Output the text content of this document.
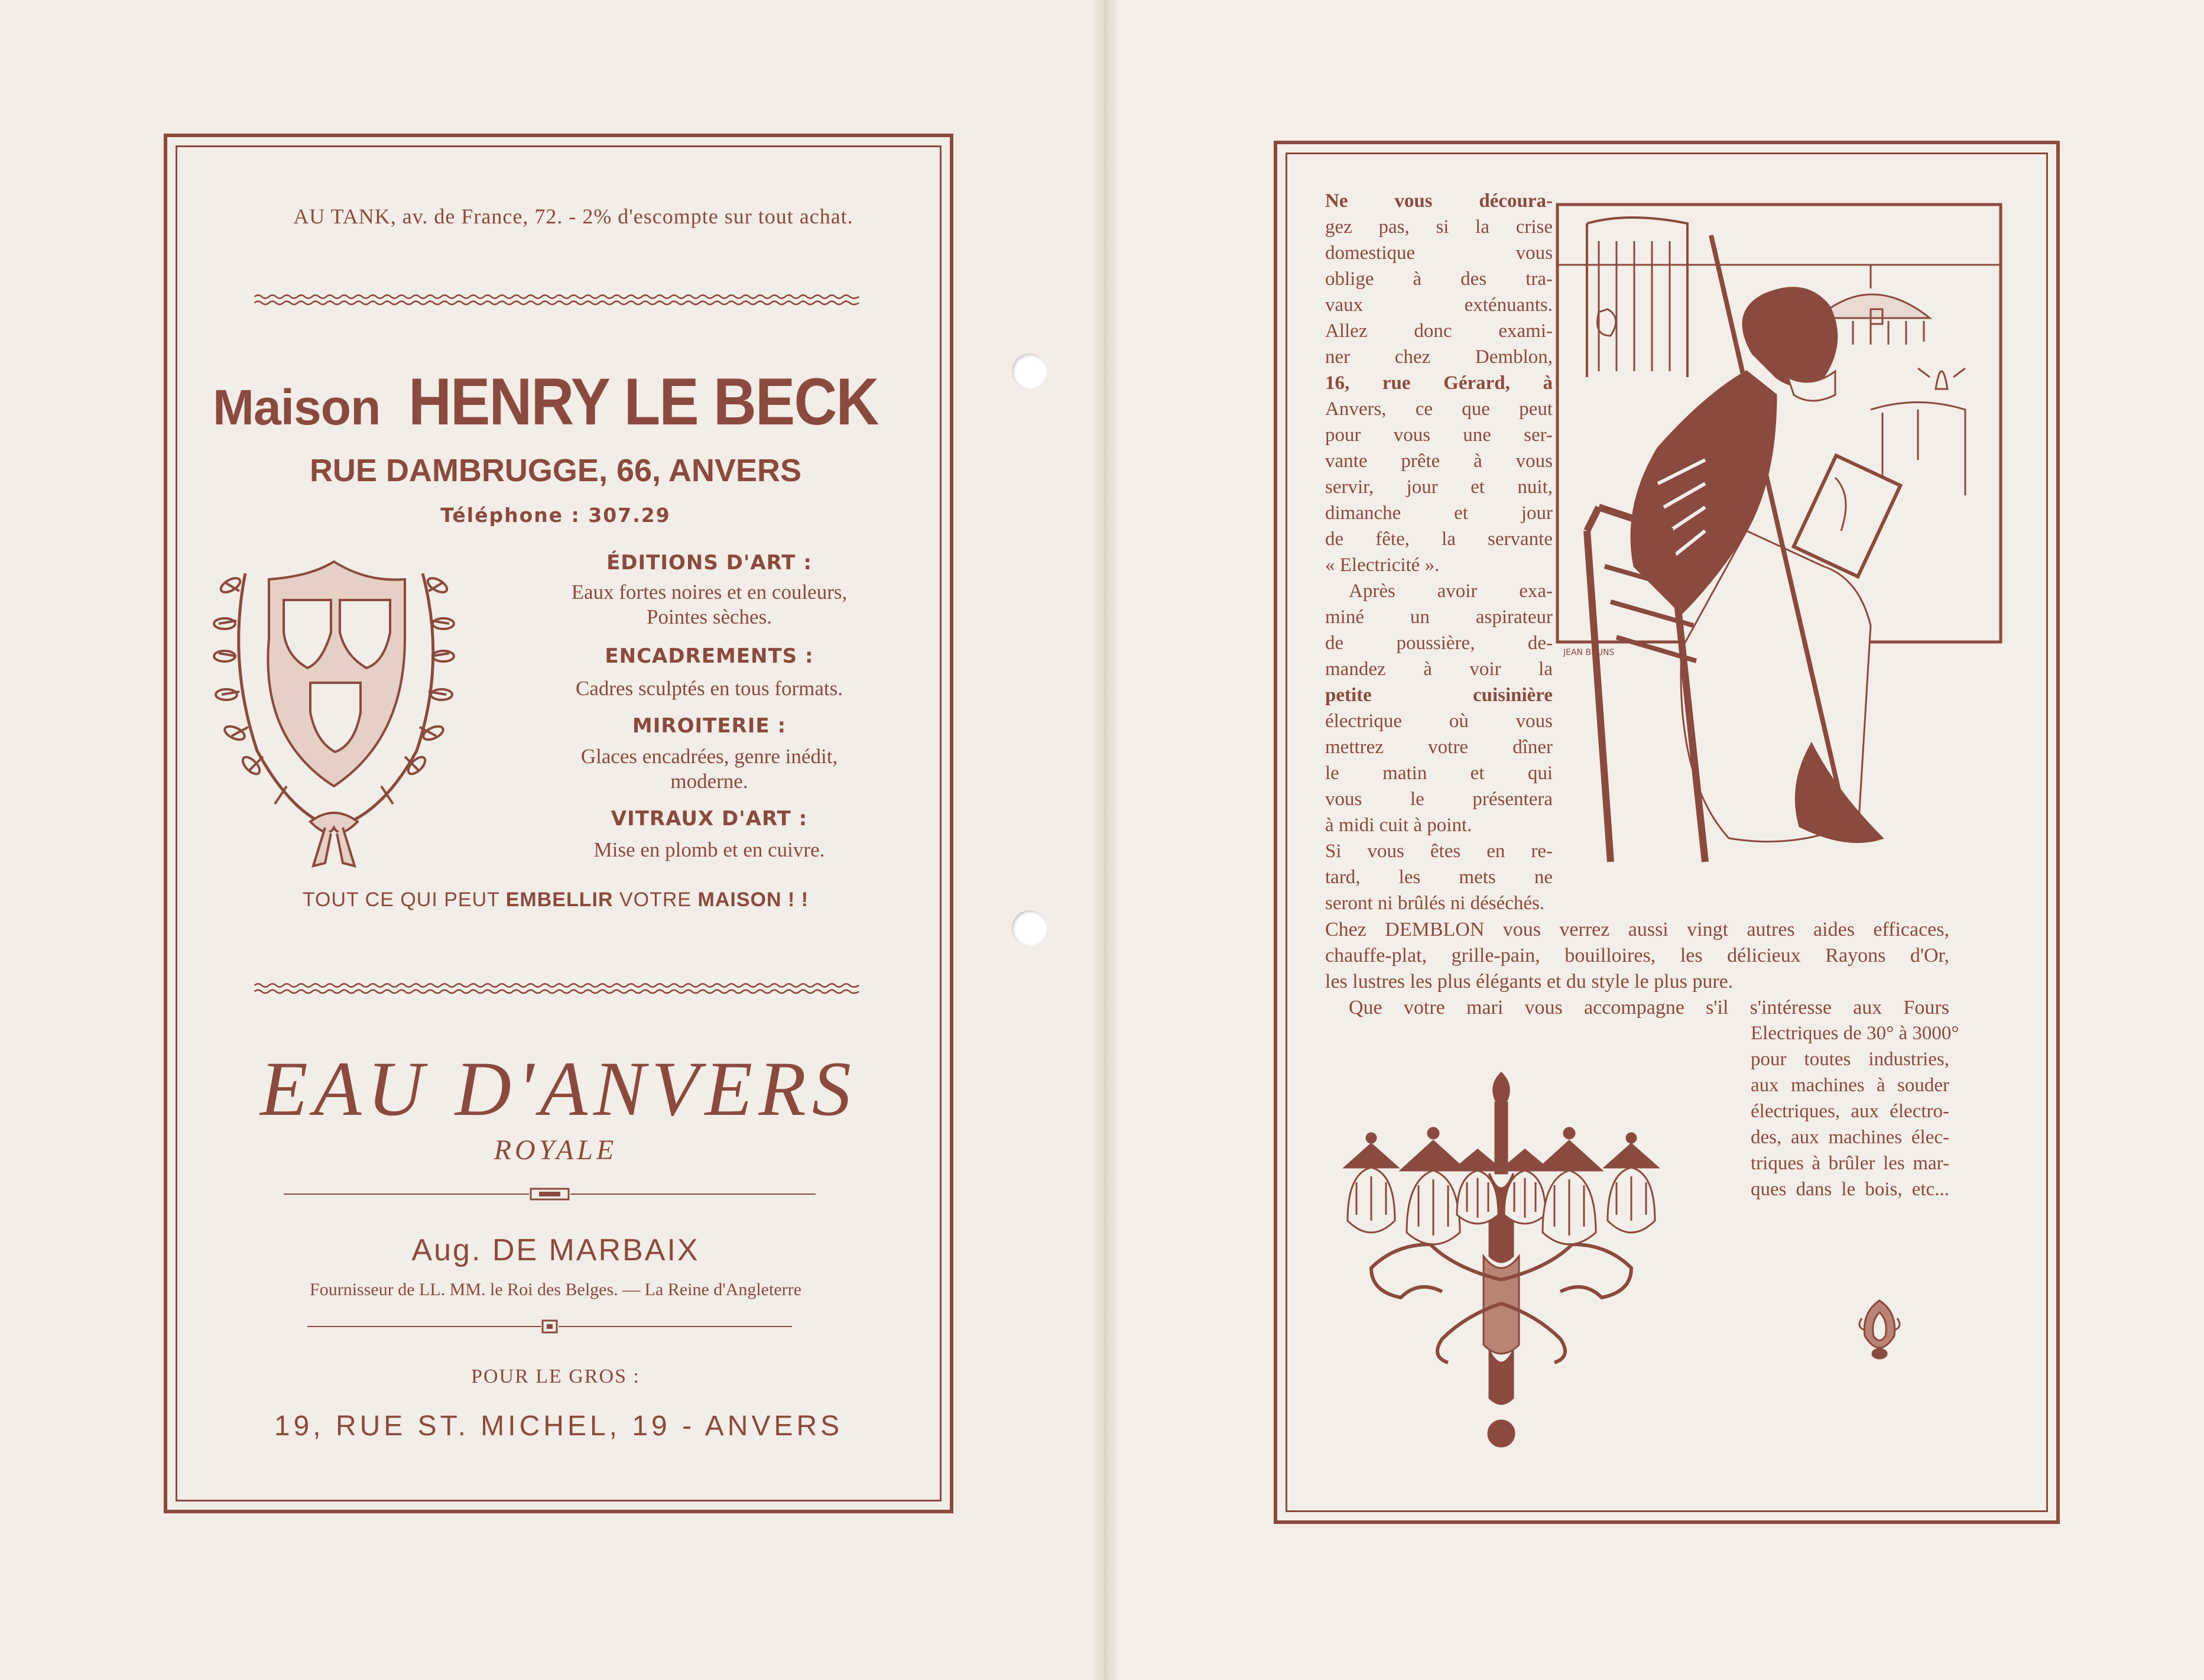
AU TANK, av. de France, 72. - 2% d'escompte sur tout achat.
Maison HENRY LE BECK
RUE DAMBRUGGE, 66, ANVERS
Téléphone : 307.29
ÉDITIONS D'ART :
Eaux fortes noires et en couleurs,
Pointes sèches.
ENCADREMENTS :
Cadres sculptés en tous formats.
MIROITERIE :
Glaces encadrées, genre inédit,
moderne.
VITRAUX D'ART :
Mise en plomb et en cuivre.
TOUT CE QUI PEUT EMBELLIR VOTRE MAISON ! !
EAU D'ANVERS
ROYALE
Aug. DE MARBAIX
Fournisseur de LL. MM. le Roi des Belges. — La Reine d'Angleterre
POUR LE GROS :
19, RUE ST. MICHEL, 19 - ANVERS
Ne vous découra-
gez pas, si la crise
domestique vous
oblige à des tra-
vaux exténuants.
Allez donc exami-
ner chez Demblon,
16, rue Gérard, à
Anvers, ce que peut
pour vous une ser-
vante prête à vous
servir, jour et nuit,
dimanche et jour
de fête, la servante
« Electricité ».
Après avoir exa-
miné un aspirateur
de poussière, de-
mandez à voir la
petite cuisinière
électrique où vous
mettrez votre dîner
le matin et qui
vous le présentera
à midi cuit à point.
Si vous êtes en re-
tard, les mets ne
seront ni brûlés ni déséchés.
JEAN BRUNS
Chez DEMBLON vous verrez aussi vingt autres aides efficaces,
chauffe-plat, grille-pain, bouilloires, les délicieux Rayons d'Or,
les lustres les plus élégants et du style le plus pure.
Que votre mari vous accompagne s'il s'intéresse aux Fours
Electriques de 30° à 3000°
pour toutes industries,
aux machines à souder
électriques, aux électro-
des, aux machines élec-
triques à brûler les mar-
ques dans le bois, etc...
